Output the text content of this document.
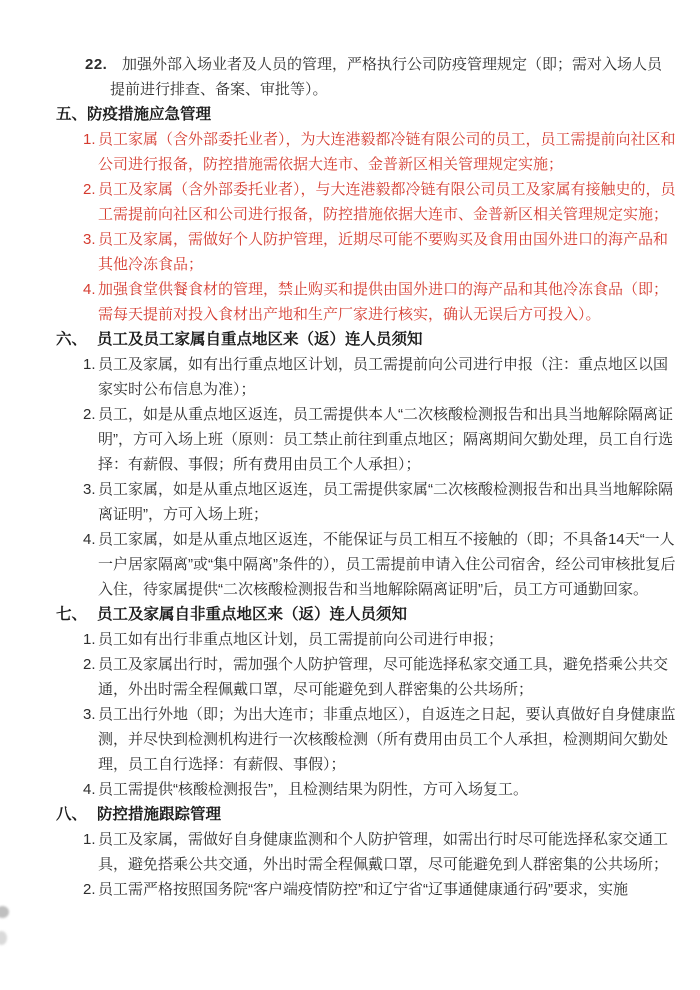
22. 加强外部入场业者及人员的管理，严格执行公司防疫管理规定（即；需对入场人员提前进行排查、备案、审批等）。
五、 防疫措施应急管理
1. 员工家属（含外部委托业者），为大连港毅都冷链有限公司的员工，员工需提前向社区和公司进行报备，防控措施需依据大连市、金普新区相关管理规定实施；
2. 员工及家属（含外部委托业者），与大连港毅都冷链有限公司员工及家属有接触史的，员工需提前向社区和公司进行报备，防控措施依据大连市、金普新区相关管理规定实施；
3. 员工及家属，需做好个人防护管理，近期尽可能不要购买及食用由国外进口的海产品和其他冷冻食品；
4. 加强食堂供餐食材的管理，禁止购买和提供由国外进口的海产品和其他冷冻食品（即；需每天提前对投入食材出产地和生产厂家进行核实，确认无误后方可投入）。
六、 员工及员工家属自重点地区来（返）连人员须知
1. 员工及家属，如有出行重点地区计划，员工需提前向公司进行申报（注：重点地区以国家实时公布信息为准）；
2. 员工，如是从重点地区返连，员工需提供本人“二次核酸检测报告和出具当地解除隔离证明”，方可入场上班（原则：员工禁止前往到重点地区；隔离期间欠勤处理，员工自行选择：有薪假、事假；所有费用由员工个人承担）；
3. 员工家属，如是从重点地区返连，员工需提供家属“二次核酸检测报告和出具当地解除隔离证明”，方可入场上班；
4. 员工家属，如是从重点地区返连，不能保证与员工相互不接触的（即；不具备14天“一人一户居家隔离”或“集中隔离”条件的），员工需提前申请入住公司宿舍，经公司审核批复后入住，待家属提供“二次核酸检测报告和当地解除隔离证明”后，员工方可通勤回家。
七、 员工及家属自非重点地区来（返）连人员须知
1. 员工如有出行非重点地区计划，员工需提前向公司进行申报；
2. 员工及家属出行时，需加强个人防护管理，尽可能选择私家交通工具，避免搭乘公共交通，外出时需全程佩戴口罩，尽可能避免到人群密集的公共场所；
3. 员工出行外地（即；为出大连市；非重点地区），自返连之日起，要认真做好自身健康监测，并尽快到检测机构进行一次核酸检测（所有费用由员工个人承担，检测期间欠勤处理，员工自行选择：有薪假、事假）；
4. 员工需提供“核酸检测报告”，且检测结果为阴性，方可入场复工。
八、 防控措施跟踪管理
1. 员工及家属，需做好自身健康监测和个人防护管理，如需出行时尽可能选择私家交通工具，避免搭乘公共交通，外出时需全程佩戴口罩，尽可能避免到人群密集的公共场所；
2. 员工需严格按照国务院“客户端疫情防控”和辽宁省“辽事通健康通行码”要求，实施
